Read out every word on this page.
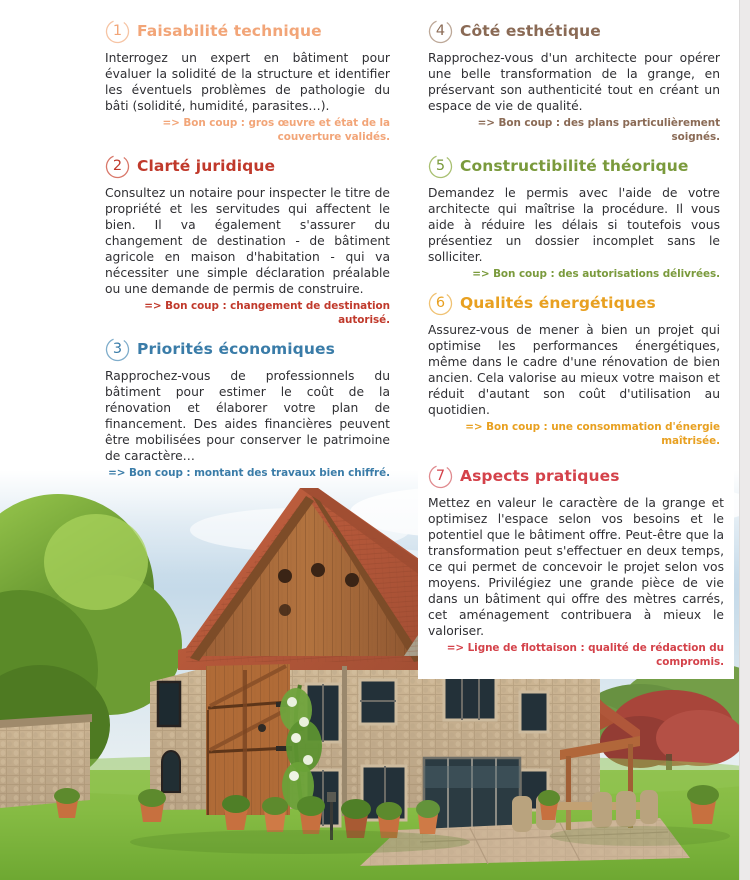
1 Faisabilité technique

Interrogez un expert en bâtiment pour évaluer la solidité de la structure et identifier les éventuels problèmes de pathologie du bâti (solidité, humidité, parasites…).

=> Bon coup : gros œuvre et état de la couverture validés.

2 Clarté juridique

Consultez un notaire pour inspecter le titre de propriété et les servitudes qui affectent le bien. Il va également s'assurer du changement de destination - de bâtiment agricole en maison d'habitation - qui va nécessiter une simple déclaration préalable ou une demande de permis de construire.

=> Bon coup : changement de destination autorisé.

3 Priorités économiques

Rapprochez-vous de professionnels du bâtiment pour estimer le coût de la rénovation et élaborer votre plan de financement. Des aides financières peuvent être mobilisées pour conserver le patrimoine de caractère…

=> Bon coup : montant des travaux bien chiffré.

4 Côté esthétique

Rapprochez-vous d'un architecte pour opérer une belle transformation de la grange, en préservant son authenticité tout en créant un espace de vie de qualité.

=> Bon coup : des plans particulièrement soignés.

5 Constructibilité théorique

Demandez le permis avec l'aide de votre architecte qui maîtrise la procédure. Il vous aide à réduire les délais si toutefois vous présentiez un dossier incomplet sans le solliciter.

=> Bon coup : des autorisations délivrées.

6 Qualités énergétiques

Assurez-vous de mener à bien un projet qui optimise les performances énergétiques, même dans le cadre d'une rénovation de bien ancien. Cela valorise au mieux votre maison et réduit d'autant son coût d'utilisation au quotidien.

=> Bon coup : une consommation d'énergie maîtrisée.

7 Aspects pratiques

Mettez en valeur le caractère de la grange et optimisez l'espace selon vos besoins et le potentiel que le bâtiment offre. Peut-être que la transformation peut s'effectuer en deux temps, ce qui permet de concevoir le projet selon vos moyens. Privilégiez une grande pièce de vie dans un bâtiment qui offre des mètres carrés, cet aménagement contribuera à mieux le valoriser.

=> Ligne de flottaison : qualité de rédaction du compromis.
